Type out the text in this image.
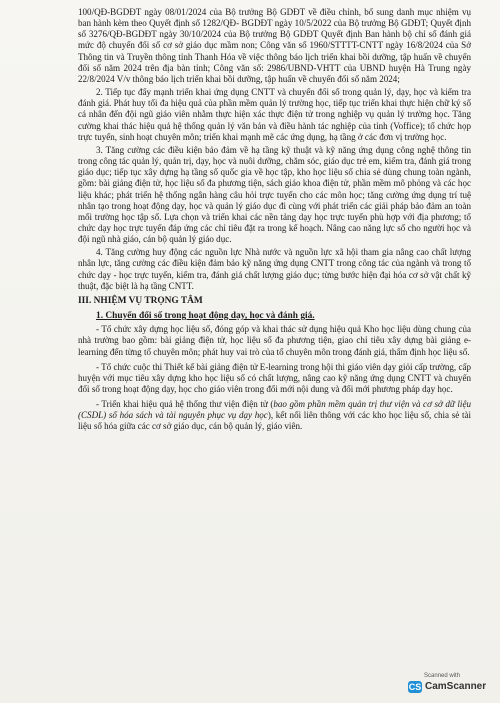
100/QĐ-BGDĐT ngày 08/01/2024 của Bộ trưởng Bộ GDĐT về điều chỉnh, bổ sung danh mục nhiệm vụ ban hành kèm theo Quyết định số 1282/QĐ- BGDĐT ngày 10/5/2022 của Bộ trưởng Bộ GDĐT; Quyết định số 3276/QĐ-BGDĐT ngày 30/10/2024 của Bộ trưởng Bộ GDĐT Quyết định Ban hành bộ chỉ số đánh giá mức độ chuyển đổi số cơ sở giáo dục mầm non; Công văn số 1960/STTTT-CNTT ngày 16/8/2024 của Sở Thông tin và Truyền thông tỉnh Thanh Hóa về việc thông báo lịch triển khai bồi dưỡng, tập huấn về chuyển đổi số năm 2024 trên địa bàn tỉnh; Công văn số: 2986/UBND-VHTT của UBND huyện Hà Trung ngày 22/8/2024 V/v thông báo lịch triển khai bồi dưỡng, tập huấn về chuyển đổi số năm 2024;

2. Tiếp tục đẩy mạnh triển khai ứng dụng CNTT và chuyển đổi số trong quản lý, dạy, học và kiểm tra đánh giá. Phát huy tối đa hiệu quả của phần mềm quản lý trường học, tiếp tục triển khai thực hiện chữ ký số cá nhân đến đội ngũ giáo viên nhằm thực hiện xác thực điện tử trong nghiệp vụ quản lý trường học. Tăng cường khai thác hiệu quả hệ thống quản lý văn bản và điều hành tác nghiệp của tỉnh (Voffice); tổ chức họp trực tuyến, sinh hoạt chuyên môn; triển khai mạnh mẽ các ứng dụng, hạ tầng ở các đơn vị trường học.

3. Tăng cường các điều kiện bảo đảm về hạ tầng kỹ thuật và kỹ năng ứng dụng công nghệ thông tin trong công tác quản lý, quản trị, dạy, học và nuôi dưỡng, chăm sóc, giáo dục trẻ em, kiểm tra, đánh giá trong giáo dục; tiếp tục xây dựng hạ tầng số quốc gia về học tập, kho học liệu số chia sẻ dùng chung toàn ngành, gồm: bài giảng điện tử, học liệu số đa phương tiện, sách giáo khoa điện tử, phần mềm mô phỏng và các học liệu khác; phát triển hệ thống ngân hàng câu hỏi trực tuyến cho các môn học; tăng cường ứng dụng trí tuệ nhân tạo trong hoạt động dạy, học và quản lý giáo dục đi cùng với phát triển các giải pháp bảo đảm an toàn mối trường học tập số. Lựa chọn và triển khai các nền tảng dạy học trực tuyến phù hợp với địa phương; tổ chức dạy học trực tuyến đáp ứng các chỉ tiêu đặt ra trong kế hoạch. Nâng cao năng lực số cho người học và đội ngũ nhà giáo, cán bộ quản lý giáo dục.

4. Tăng cường huy động các nguồn lực Nhà nước và nguồn lực xã hội tham gia nâng cao chất lượng nhân lực, tăng cường các điều kiện đảm bảo kỹ năng ứng dụng CNTT trong công tác của ngành và trong tổ chức dạy - học trực tuyến, kiểm tra, đánh giá chất lượng giáo dục; từng bước hiện đại hóa cơ sở vật chất kỹ thuật, đặc biệt là hạ tầng CNTT.

III. NHIỆM VỤ TRỌNG TÂM

1. Chuyển đổi số trong hoạt động dạy, học và đánh giá.

- Tổ chức xây dựng học liệu số, đóng góp và khai thác sử dụng hiệu quả Kho học liệu dùng chung của nhà trường bao gồm: bài giảng điện tử, học liệu số đa phương tiện, giao chỉ tiêu xây dựng bài giảng e-learning đến từng tổ chuyên môn; phát huy vai trò của tổ chuyên môn trong đánh giá, thẩm định học liệu số.

- Tổ chức cuộc thi Thiết kế bài giảng điện tử E-learning trong hội thi giáo viên dạy giỏi cấp trường, cấp huyện với mục tiêu xây dựng kho học liệu số có chất lượng, nâng cao kỹ năng ứng dụng CNTT và chuyển đổi số trong hoạt động dạy, học cho giáo viên trong đổi mới nội dung và đổi mới phương pháp dạy học.

- Triển khai hiệu quả hệ thống thư viện điện tử (bao gồm phần mềm quản trị thư viện và cơ sở dữ liệu (CSDL) số hóa sách và tài nguyên phục vụ dạy học), kết nối liên thông với các kho học liệu số, chia sẻ tài liệu số hóa giữa các cơ sở giáo dục, cán bộ quản lý, giáo viên.

Scanned with
CS CamScanner
